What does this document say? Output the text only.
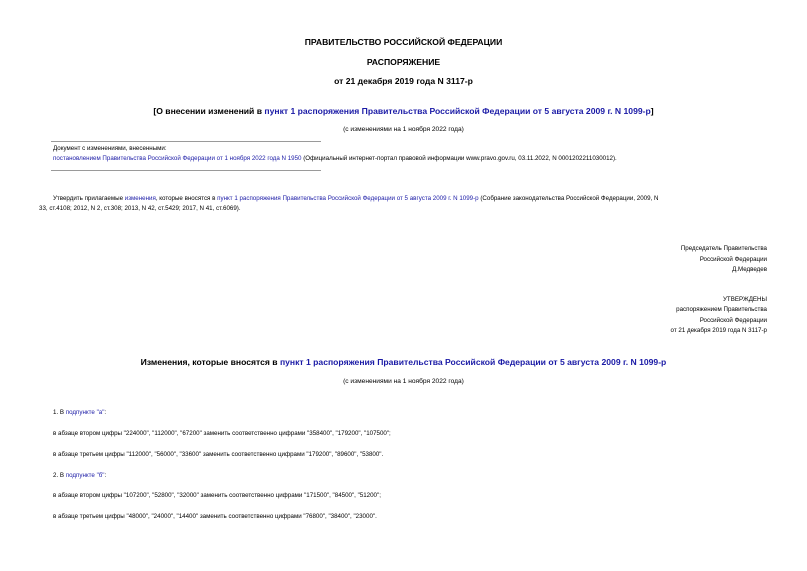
ПРАВИТЕЛЬСТВО РОССИЙСКОЙ ФЕДЕРАЦИИ
РАСПОРЯЖЕНИЕ
от 21 декабря 2019 года N 3117-р
[О внесении изменений в пункт 1 распоряжения Правительства Российской Федерации от 5 августа 2009 г. N 1099-р]
(с изменениями на 1 ноября 2022 года)
Документ с изменениями, внесенными:
постановлением Правительства Российской Федерации от 1 ноября 2022 года N 1950 (Официальный интернет-портал правовой информации www.pravo.gov.ru, 03.11.2022, N 0001202211030012).
Утвердить прилагаемые изменения, которые вносятся в пункт 1 распоряжения Правительства Российской Федерации от 5 августа 2009 г. N 1099-р (Собрание законодательства Российской Федерации, 2009, N
33, ст.4108; 2012, N 2, ст.308; 2013, N 42, ст.5429; 2017, N 41, ст.6069).
Председатель Правительства
Российской Федерации
Д.Медведев
УТВЕРЖДЕНЫ
распоряжением Правительства
Российской Федерации
от 21 декабря 2019 года N 3117-р
Изменения, которые вносятся в пункт 1 распоряжения Правительства Российской Федерации от 5 августа 2009 г. N 1099-р
(с изменениями на 1 ноября 2022 года)
1. В подпункте "а":
в абзаце втором цифры "224000", "112000", "67200" заменить соответственно цифрами "358400", "179200", "107500";
в абзаце третьем цифры "112000", "56000", "33600" заменить соответственно цифрами "179200", "89600", "53800".
2. В подпункте "б":
в абзаце втором цифры "107200", "52800", "32000" заменить соответственно цифрами "171500", "84500", "51200";
в абзаце третьем цифры "48000", "24000", "14400" заменить соответственно цифрами "76800", "38400", "23000".
